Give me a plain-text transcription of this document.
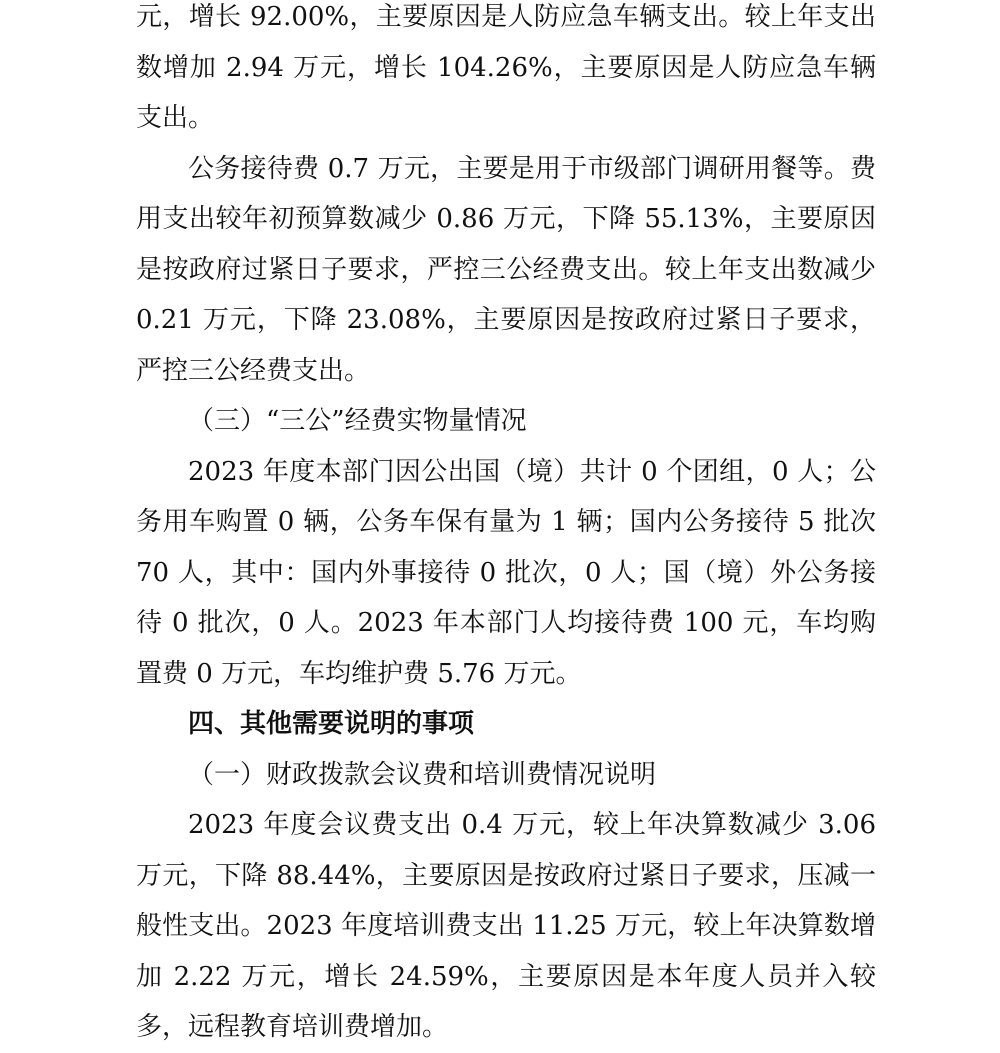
元，增长 92.00%，主要原因是人防应急车辆支出。较上年支出数增加 2.94 万元，增长 104.26%，主要原因是人防应急车辆支出。

公务接待费 0.7 万元，主要是用于市级部门调研用餐等。费用支出较年初预算数减少 0.86 万元，下降 55.13%，主要原因是按政府过紧日子要求，严控三公经费支出。较上年支出数减少 0.21 万元，下降 23.08%，主要原因是按政府过紧日子要求，严控三公经费支出。

（三）“三公”经费实物量情况

2023 年度本部门因公出国（境）共计 0 个团组，0 人；公务用车购置 0 辆，公务车保有量为 1 辆；国内公务接待 5 批次 70 人，其中：国内外事接待 0 批次，0 人；国（境）外公务接待 0 批次，0 人。2023 年本部门人均接待费 100 元，车均购置费 0 万元，车均维护费 5.76 万元。

四、其他需要说明的事项

（一）财政拨款会议费和培训费情况说明

2023 年度会议费支出 0.4 万元，较上年决算数减少 3.06 万元，下降 88.44%，主要原因是按政府过紧日子要求，压减一般性支出。2023 年度培训费支出 11.25 万元，较上年决算数增加 2.22 万元，增长 24.59%，主要原因是本年度人员并入较多，远程教育培训费增加。
